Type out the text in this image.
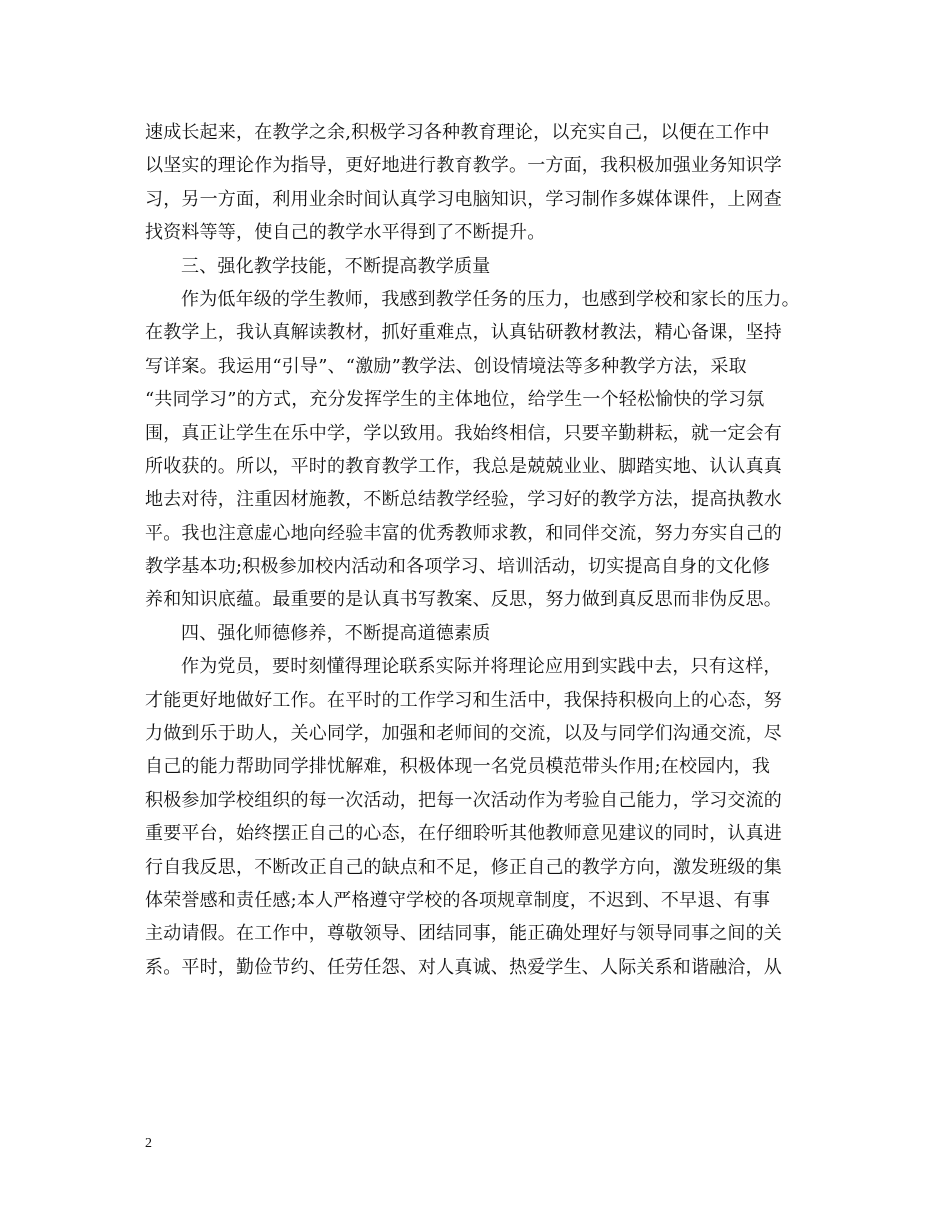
速成长起来，在教学之余,积极学习各种教育理论，以充实自己，以便在工作中
以坚实的理论作为指导，更好地进行教育教学。一方面，我积极加强业务知识学
习，另一方面，利用业余时间认真学习电脑知识，学习制作多媒体课件，上网查
找资料等等，使自己的教学水平得到了不断提升。
三、强化教学技能，不断提高教学质量
作为低年级的学生教师，我感到教学任务的压力，也感到学校和家长的压力。
在教学上，我认真解读教材，抓好重难点，认真钻研教材教法，精心备课，坚持
写详案。我运用“引导”、“激励”教学法、创设情境法等多种教学方法，采取
“共同学习”的方式，充分发挥学生的主体地位，给学生一个轻松愉快的学习氛
围，真正让学生在乐中学，学以致用。我始终相信，只要辛勤耕耘，就一定会有
所收获的。所以，平时的教育教学工作，我总是兢兢业业、脚踏实地、认认真真
地去对待，注重因材施教，不断总结教学经验，学习好的教学方法，提高执教水
平。我也注意虚心地向经验丰富的优秀教师求教，和同伴交流，努力夯实自己的
教学基本功;积极参加校内活动和各项学习、培训活动，切实提高自身的文化修
养和知识底蕴。最重要的是认真书写教案、反思，努力做到真反思而非伪反思。
四、强化师德修养，不断提高道德素质
作为党员，要时刻懂得理论联系实际并将理论应用到实践中去，只有这样，
才能更好地做好工作。在平时的工作学习和生活中，我保持积极向上的心态，努
力做到乐于助人，关心同学，加强和老师间的交流，以及与同学们沟通交流，尽
自己的能力帮助同学排忧解难，积极体现一名党员模范带头作用;在校园内，我
积极参加学校组织的每一次活动，把每一次活动作为考验自己能力，学习交流的
重要平台，始终摆正自己的心态，在仔细聆听其他教师意见建议的同时，认真进
行自我反思，不断改正自己的缺点和不足，修正自己的教学方向，激发班级的集
体荣誉感和责任感;本人严格遵守学校的各项规章制度，不迟到、不早退、有事
主动请假。在工作中，尊敬领导、团结同事，能正确处理好与领导同事之间的关
系。平时，勤俭节约、任劳任怨、对人真诚、热爱学生、人际关系和谐融洽，从
2
